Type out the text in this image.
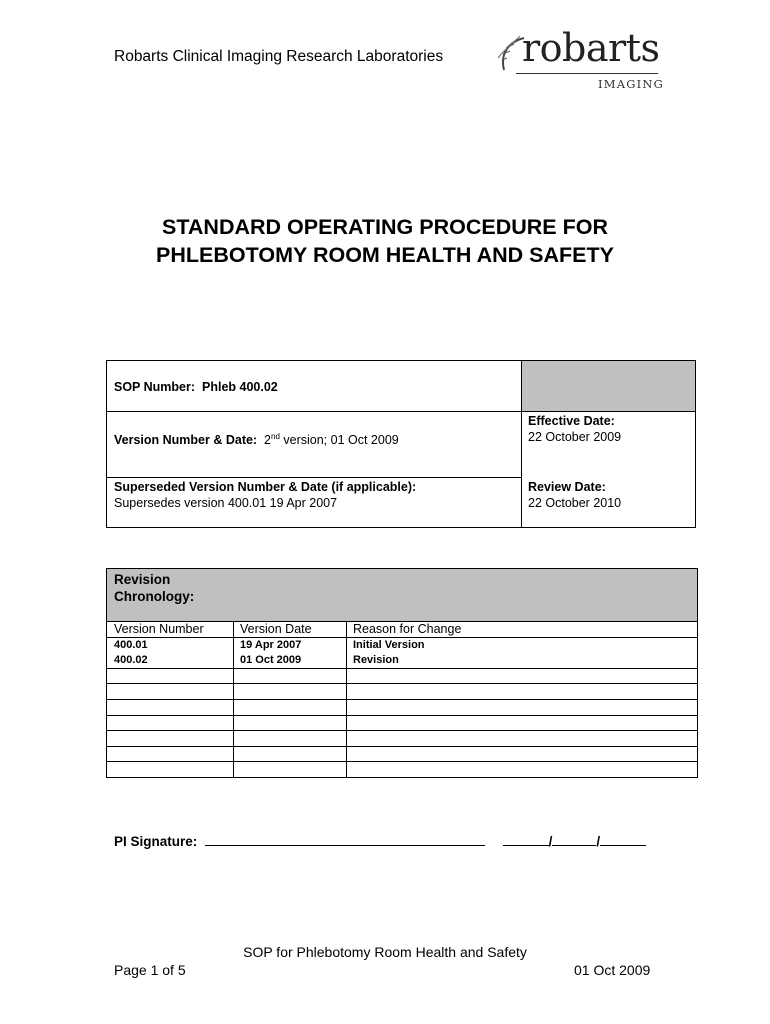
Robarts Clinical Imaging Research Laboratories robarts
IMAGING
STANDARD OPERATING PROCEDURE FOR
PHLEBOTOMY ROOM HEALTH AND SAFETY
SOP Number: Phleb 400.02
Version Number & Date: 2nd version; 01 Oct 2009
Effective Date:
22 October 2009
Superseded Version Number & Date (if applicable):
Supersedes version 400.01 19 Apr 2007
Review Date:
22 October 2010
Revision
Chronology:
Version Number	Version Date	Reason for Change
400.01	19 Apr 2007	Initial Version
400.02	01 Oct 2009	Revision
PI Signature:	/	/
SOP for Phlebotomy Room Health and Safety
Page 1 of 5	01 Oct 2009
